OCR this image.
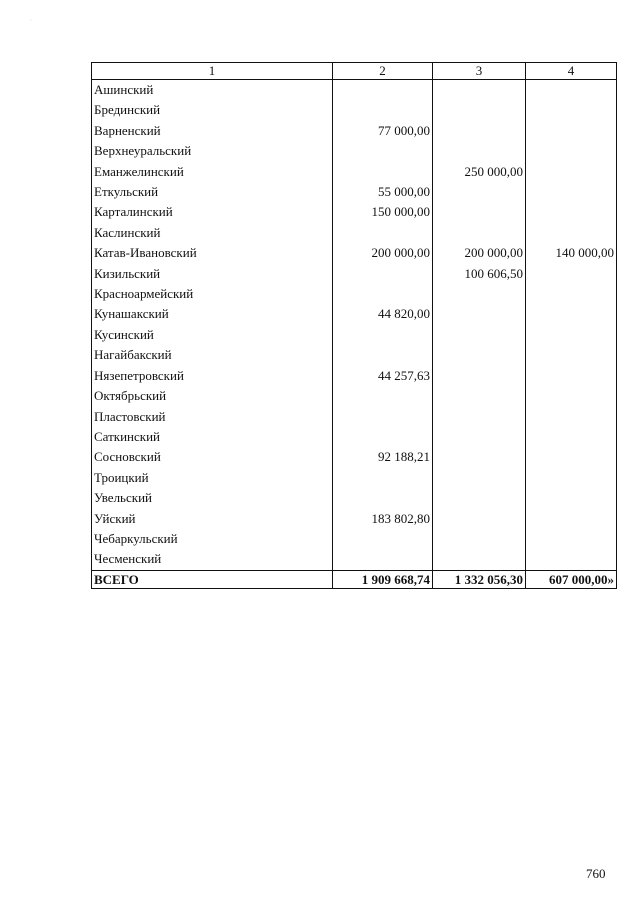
`
1	2	3	4
Ашинский			
Брединский			
Варненский	77 000,00		
Верхнеуральский			
Еманжелинский		250 000,00	
Еткульский	55 000,00		
Карталинский	150 000,00		
Каслинский			
Катав-Ивановский	200 000,00	200 000,00	140 000,00
Кизильский		100 606,50	
Красноармейский			
Кунашакский	44 820,00		
Кусинский			
Нагайбакский			
Нязепетровский	44 257,63		
Октябрьский			
Пластовский			
Саткинский			
Сосновский	92 188,21		
Троицкий			
Увельский			
Уйский	183 802,80		
Чебаркульский			
Чесменский			
ВСЕГО	1 909 668,74	1 332 056,30	607 000,00»
760
